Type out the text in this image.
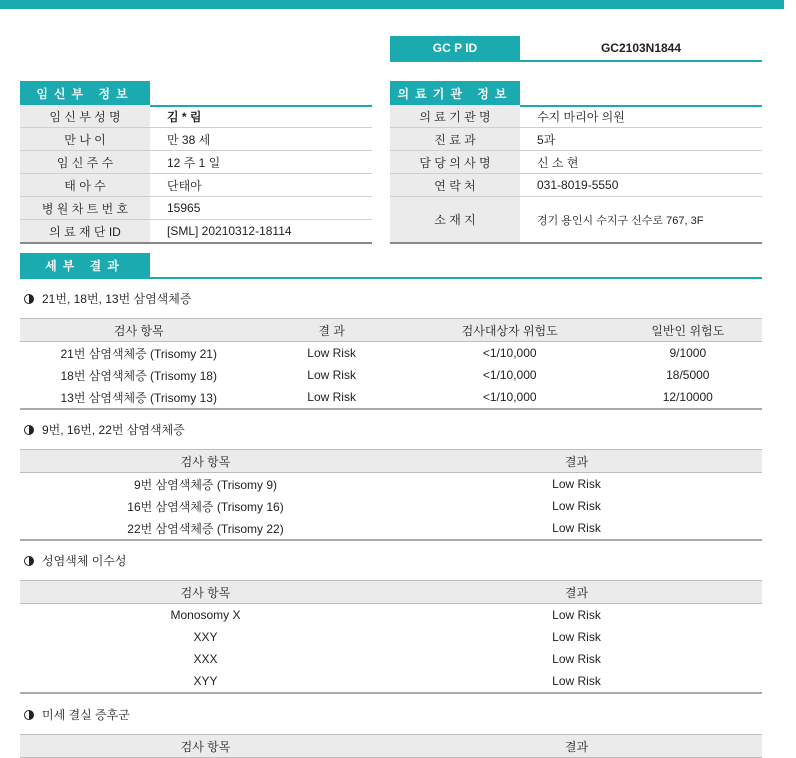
GC P ID	GC2103N1844
임신부 정보	의료기관 정보
임 신 부 성 명	김 * 림
만 나 이	만 38 세
임 신 주 수	12 주 1 일
태 아 수	단태아
병 원 차 트 번 호	15965
의 료 재 단 ID	[SML] 20210312-18114
의 료 기 관 명	수지 마리아 의원
진 료 과	5과
담 당 의 사 명	신 소 현
연 락 처	031-8019-5550
소 재 지	경기 용인시 수지구 신수로 767, 3F
세부 결과
21번, 18번, 13번 삼염색체증
검사 항목	결 과	검사대상자 위험도	일반인 위험도
21번 삼염색체증 (Trisomy 21)	Low Risk	<1/10,000	9/1000
18번 삼염색체증 (Trisomy 18)	Low Risk	<1/10,000	18/5000
13번 삼염색체증 (Trisomy 13)	Low Risk	<1/10,000	12/10000
9번, 16번, 22번 삼염색체증
검사 항목	결과
9번 삼염색체증 (Trisomy 9)	Low Risk
16번 삼염색체증 (Trisomy 16)	Low Risk
22번 삼염색체증 (Trisomy 22)	Low Risk
성염색체 이수성
검사 항목	결과
Monosomy X	Low Risk
XXY	Low Risk
XXX	Low Risk
XYY	Low Risk
미세 결실 증후군
검사 항목	결과
